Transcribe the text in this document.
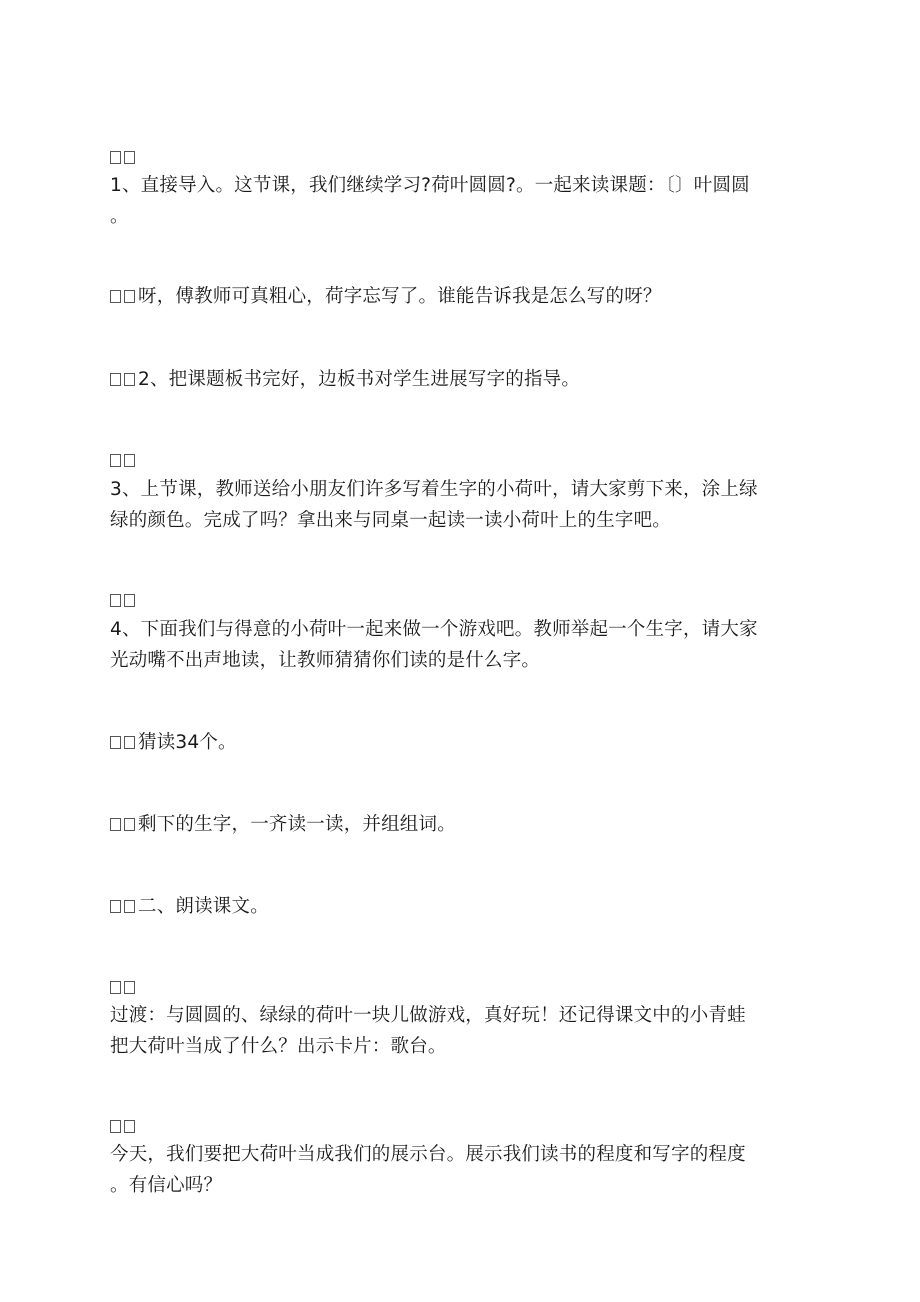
1、直接导入。这节课，我们继续学习?荷叶圆圆?。一起来读课题：〔〕叶圆圆
。
呀，傅教师可真粗心，荷字忘写了。谁能告诉我是怎么写的呀？
2、把课题板书完好，边板书对学生进展写字的指导。
3、上节课，教师送给小朋友们许多写着生字的小荷叶，请大家剪下来，涂上绿
绿的颜色。完成了吗？拿出来与同桌一起读一读小荷叶上的生字吧。
4、下面我们与得意的小荷叶一起来做一个游戏吧。教师举起一个生字，请大家
光动嘴不出声地读，让教师猜猜你们读的是什么字。
猜读34个。
剩下的生字，一齐读一读，并组组词。
二、朗读课文。
过渡：与圆圆的、绿绿的荷叶一块儿做游戏，真好玩！还记得课文中的小青蛙
把大荷叶当成了什么？出示卡片：歌台。
今天，我们要把大荷叶当成我们的展示台。展示我们读书的程度和写字的程度
。有信心吗？
